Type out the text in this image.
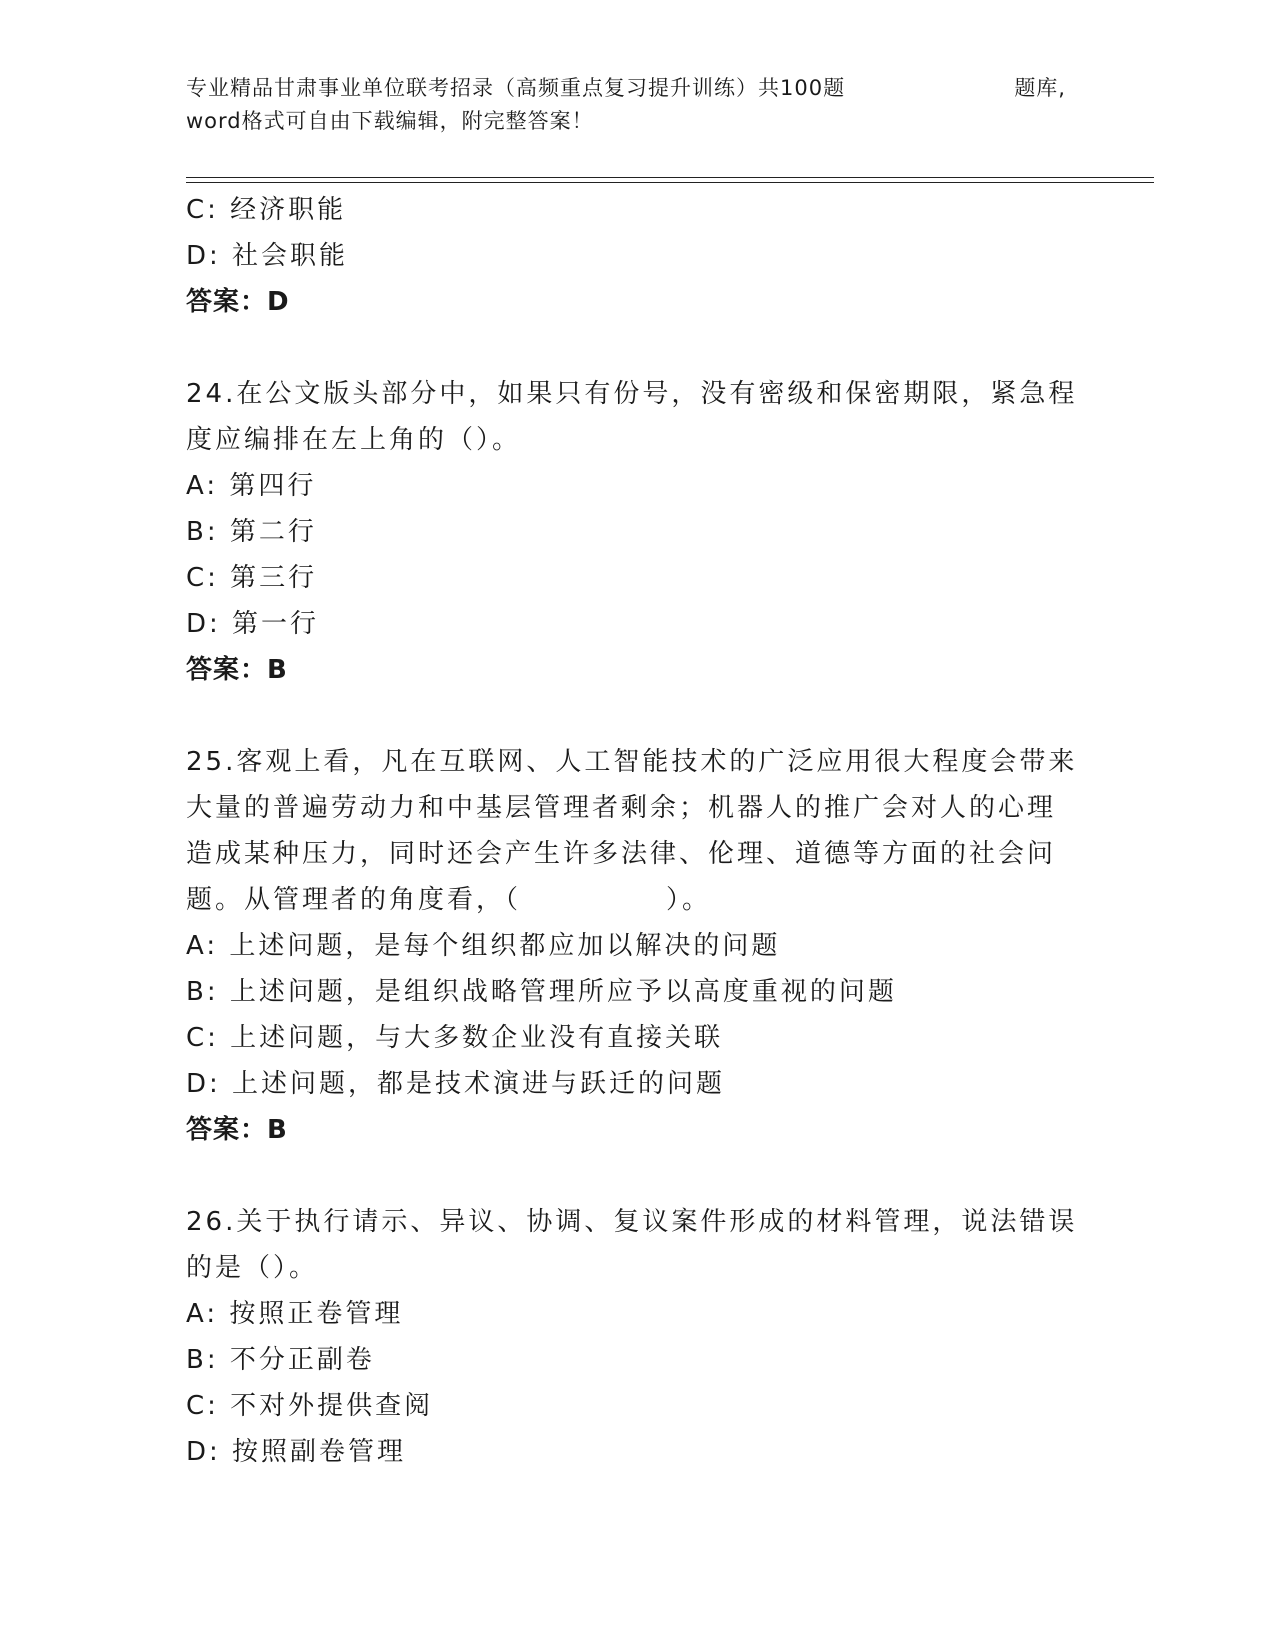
专业精品甘肃事业单位联考招录（高频重点复习提升训练）共100题	题库,
word格式可自由下载编辑，附完整答案！
C: 经济职能
D: 社会职能
答案：D
24.在公文版头部分中，如果只有份号，没有密级和保密期限，紧急程
度应编排在左上角的（）。
A: 第四行
B: 第二行
C: 第三行
D: 第一行
答案：B
25.客观上看，凡在互联网、人工智能技术的广泛应用很大程度会带来
大量的普遍劳动力和中基层管理者剩余；机器人的推广会对人的心理
造成某种压力，同时还会产生许多法律、伦理、道德等方面的社会问
题。从管理者的角度看，（　　　　　）。
A: 上述问题，是每个组织都应加以解决的问题
B: 上述问题，是组织战略管理所应予以高度重视的问题
C: 上述问题，与大多数企业没有直接关联
D: 上述问题，都是技术演进与跃迁的问题
答案：B
26.关于执行请示、异议、协调、复议案件形成的材料管理，说法错误
的是（）。
A: 按照正卷管理
B: 不分正副卷
C: 不对外提供查阅
D: 按照副卷管理
